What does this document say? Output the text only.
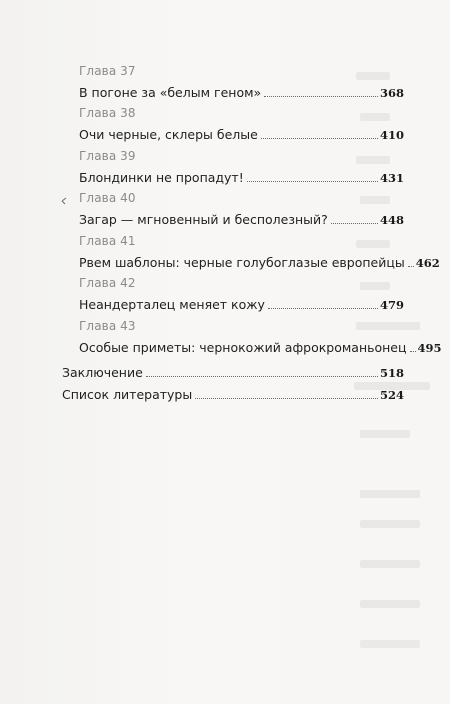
Глава 37
В погоне за «белым геном»	368
Глава 38
Очи черные, склеры белые	410
Глава 39
Блондинки не пропадут!	431
Глава 40
Загар — мгновенный и бесполезный?	448
Глава 41
Рвем шаблоны: черные голубоглазые европейцы 462
Глава 42
Неандерталец меняет кожу	479
Глава 43
Особые приметы: чернокожий афрокроманьонец 495
Заключение	518
Список литературы	524
